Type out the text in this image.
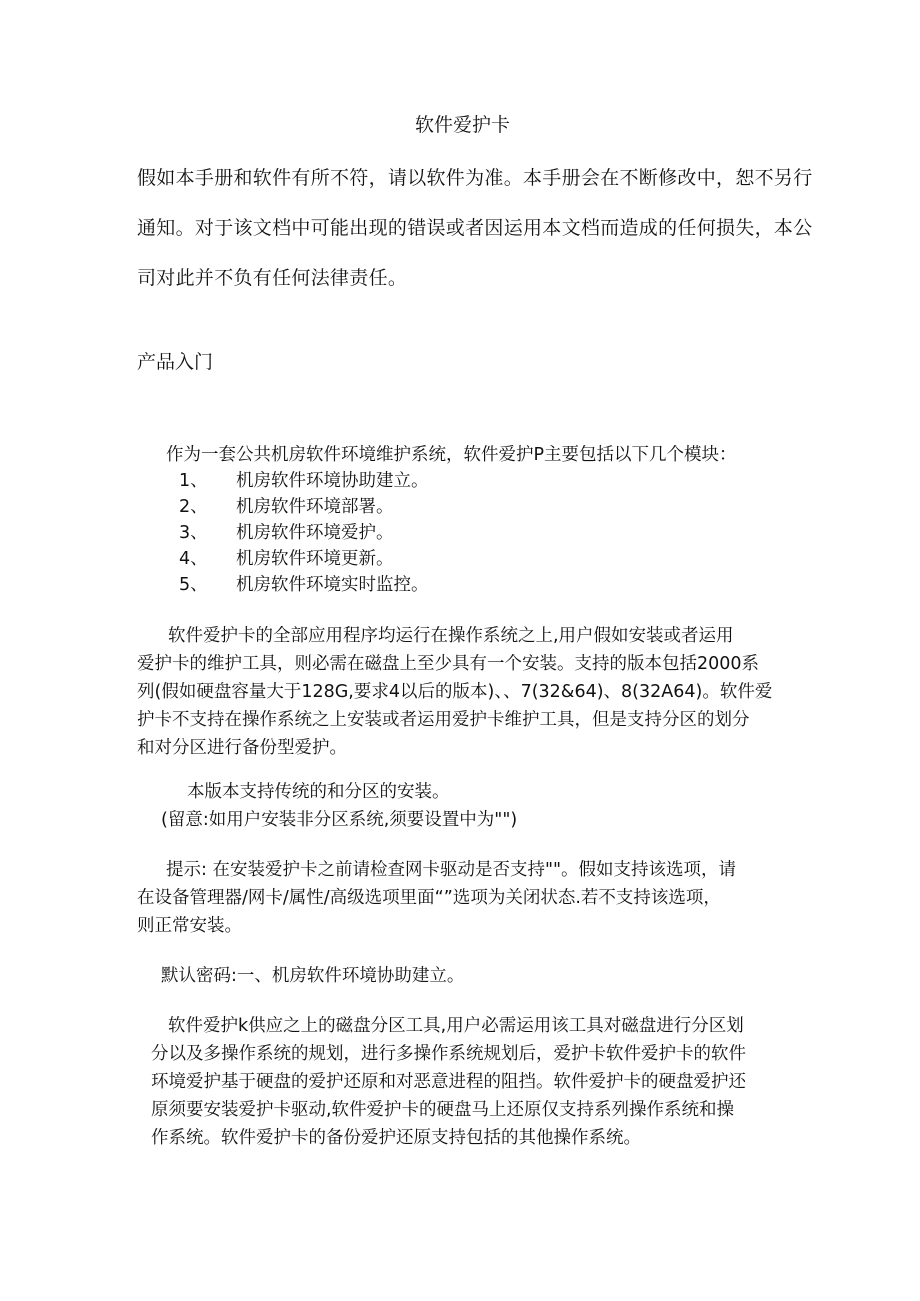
软件爱护卡
假如本手册和软件有所不符，请以软件为准。本手册会在不断修改中，恕不另行
通知。对于该文档中可能出现的错误或者因运用本文档而造成的任何损失，本公
司对此并不负有任何法律责任。
产品入门
作为一套公共机房软件环境维护系统，软件爱护P主要包括以下几个模块：
1、 机房软件环境协助建立。
2、 机房软件环境部署。
3、 机房软件环境爱护。
4、 机房软件环境更新。
5、 机房软件环境实时监控。
软件爱护卡的全部应用程序均运行在操作系统之上,用户假如安装或者运用
爱护卡的维护工具，则必需在磁盘上至少具有一个安装。支持的版本包括2000系
列(假如硬盘容量大于128G,要求4以后的版本)、、7(32&64)、8(32A64)。软件爱
护卡不支持在操作系统之上安装或者运用爱护卡维护工具，但是支持分区的划分
和对分区进行备份型爱护。
本版本支持传统的和分区的安装。
(留意:如用户安装非分区系统,须要设置中为"")
提示: 在安装爱护卡之前请检查网卡驱动是否支持""。假如支持该选项，请
在设备管理器/网卡/属性/高级选项里面“”选项为关闭状态.若不支持该选项，
则正常安装。
默认密码:一、机房软件环境协助建立。
软件爱护k供应之上的磁盘分区工具,用户必需运用该工具对磁盘进行分区划
分以及多操作系统的规划，进行多操作系统规划后，爱护卡软件爱护卡的软件
环境爱护基于硬盘的爱护还原和对恶意进程的阻挡。软件爱护卡的硬盘爱护还
原须要安装爱护卡驱动,软件爱护卡的硬盘马上还原仅支持系列操作系统和操
作系统。软件爱护卡的备份爱护还原支持包括的其他操作系统。
